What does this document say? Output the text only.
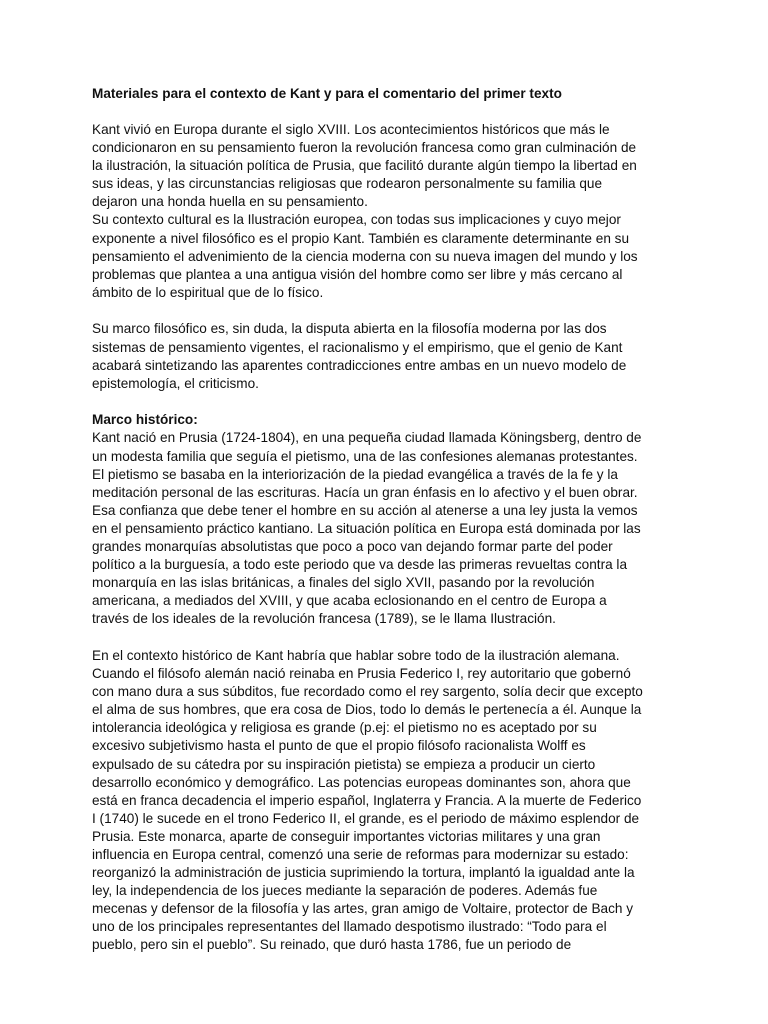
Materiales para el contexto de Kant y para el comentario del primer texto

Kant vivió en Europa durante el siglo XVIII. Los acontecimientos históricos que más le
condicionaron en su pensamiento fueron la revolución francesa como gran culminación de
la ilustración, la situación política de Prusia, que facilitó durante algún tiempo la libertad en
sus ideas, y las circunstancias religiosas que rodearon personalmente su familia que
dejaron una honda huella en su pensamiento.

Su contexto cultural es la Ilustración europea, con todas sus implicaciones y cuyo mejor
exponente a nivel filosófico es el propio Kant. También es claramente determinante en su
pensamiento el advenimiento de la ciencia moderna con su nueva imagen del mundo y los
problemas que plantea a una antigua visión del hombre como ser libre y más cercano al
ámbito de lo espiritual que de lo físico.

Su marco filosófico es, sin duda, la disputa abierta en la filosofía moderna por las dos
sistemas de pensamiento vigentes, el racionalismo y el empirismo, que el genio de Kant
acabará sintetizando las aparentes contradicciones entre ambas en un nuevo modelo de
epistemología, el criticismo.

Marco histórico:

Kant nació en Prusia (1724-1804), en una pequeña ciudad llamada Köningsberg, dentro de
un modesta familia que seguía el pietismo, una de las confesiones alemanas protestantes.
El pietismo se basaba en la interiorización de la piedad evangélica a través de la fe y la
meditación personal de las escrituras. Hacía un gran énfasis en lo afectivo y el buen obrar.
Esa confianza que debe tener el hombre en su acción al atenerse a una ley justa la vemos
en el pensamiento práctico kantiano. La situación política en Europa está dominada por las
grandes monarquías absolutistas que poco a poco van dejando formar parte del poder
político a la burguesía, a todo este periodo que va desde las primeras revueltas contra la
monarquía en las islas británicas, a finales del siglo XVII, pasando por la revolución
americana, a mediados del XVIII, y que acaba eclosionando en el centro de Europa a
través de los ideales de la revolución francesa (1789), se le llama Ilustración.

En el contexto histórico de Kant habría que hablar sobre todo de la ilustración alemana.
Cuando el filósofo alemán nació reinaba en Prusia Federico I, rey autoritario que gobernó
con mano dura a sus súbditos, fue recordado como el rey sargento, solía decir que excepto
el alma de sus hombres, que era cosa de Dios, todo lo demás le pertenecía a él. Aunque la
intolerancia ideológica y religiosa es grande (p.ej: el pietismo no es aceptado por su
excesivo subjetivismo hasta el punto de que el propio filósofo racionalista Wolff es
expulsado de su cátedra por su inspiración pietista) se empieza a producir un cierto
desarrollo económico y demográfico. Las potencias europeas dominantes son, ahora que
está en franca decadencia el imperio español, Inglaterra y Francia. A la muerte de Federico
I (1740) le sucede en el trono Federico II, el grande, es el periodo de máximo esplendor de
Prusia. Este monarca, aparte de conseguir importantes victorias militares y una gran
influencia en Europa central, comenzó una serie de reformas para modernizar su estado:
reorganizó la administración de justicia suprimiendo la tortura, implantó la igualdad ante la
ley, la independencia de los jueces mediante la separación de poderes. Además fue
mecenas y defensor de la filosofía y las artes, gran amigo de Voltaire, protector de Bach y
uno de los principales representantes del llamado despotismo ilustrado: “Todo para el
pueblo, pero sin el pueblo”. Su reinado, que duró hasta 1786, fue un periodo de
